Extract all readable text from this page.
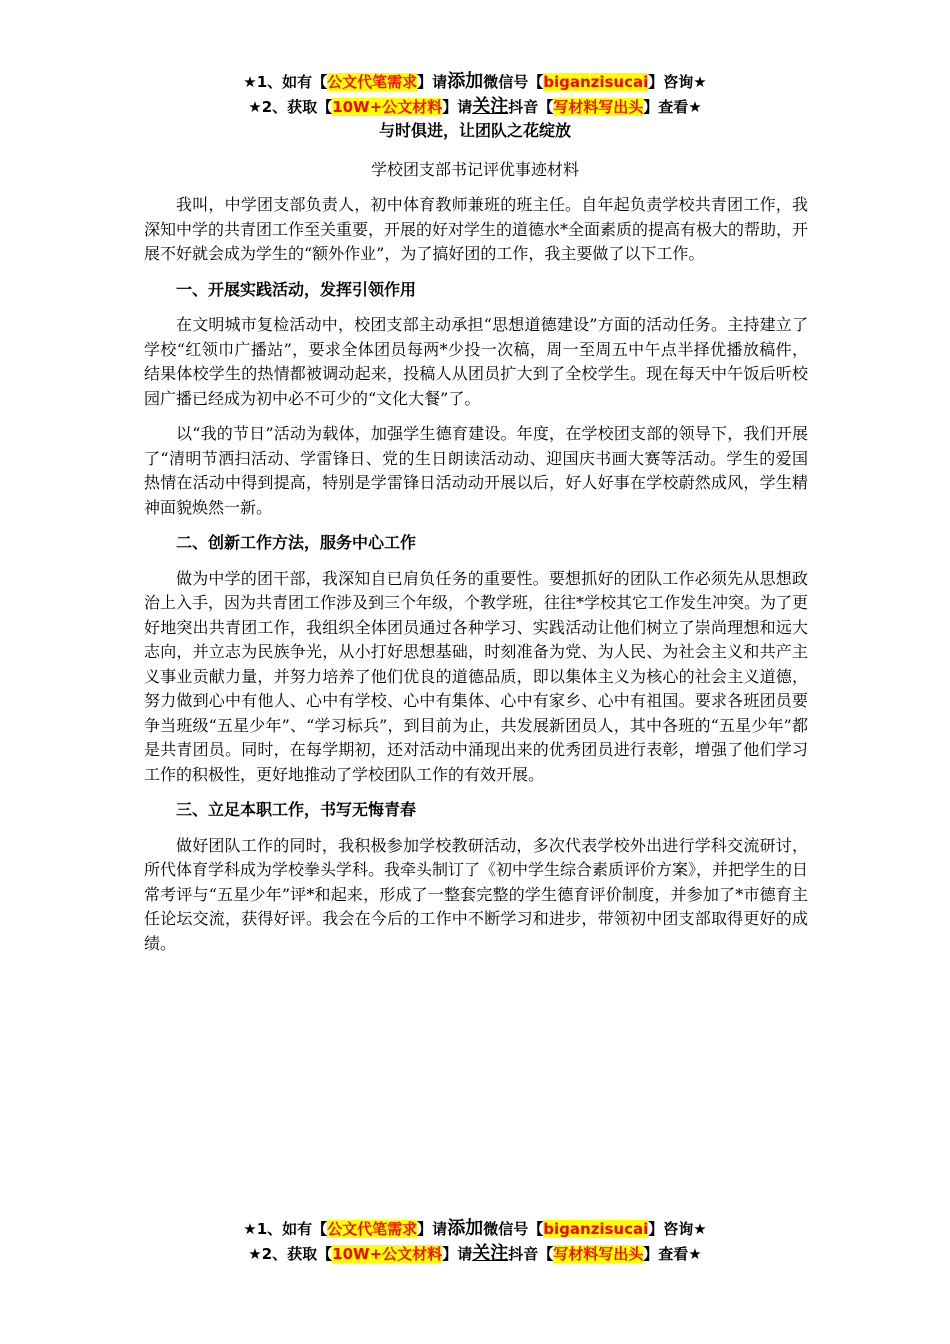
★1、如有【公文代笔需求】请添加微信号【biganzisucai】咨询★
★2、获取【10W+公文材料】请关注抖音【写材料写出头】查看★
与时俱进，让团队之花绽放
学校团支部书记评优事迹材料

我叫，中学团支部负责人，初中体育教师兼班的班主任。自年起负责学校共青团工作，我深知中学的共青团工作至关重要，开展的好对学生的道德水*全面素质的提高有极大的帮助，开展不好就会成为学生的“额外作业”，为了搞好团的工作，我主要做了以下工作。

一、开展实践活动，发挥引领作用

在文明城市复检活动中，校团支部主动承担“思想道德建设”方面的活动任务。主持建立了学校“红领巾广播站”，要求全体团员每两*少投一次稿，周一至周五中午点半择优播放稿件，结果体校学生的热情都被调动起来，投稿人从团员扩大到了全校学生。现在每天中午饭后听校园广播已经成为初中必不可少的“文化大餐”了。

以“我的节日”活动为载体，加强学生德育建设。年度，在学校团支部的领导下，我们开展了“清明节洒扫活动、学雷锋日、党的生日朗读活动动、迎国庆书画大赛等活动。学生的爱国热情在活动中得到提高，特别是学雷锋日活动动开展以后，好人好事在学校蔚然成风，学生精神面貌焕然一新。

二、创新工作方法，服务中心工作

做为中学的团干部，我深知自已肩负任务的重要性。要想抓好的团队工作必须先从思想政治上入手，因为共青团工作涉及到三个年级，个教学班，往往*学校其它工作发生冲突。为了更好地突出共青团工作，我组织全体团员通过各种学习、实践活动让他们树立了崇尚理想和远大志向，并立志为民族争光，从小打好思想基础，时刻准备为党、为人民、为社会主义和共产主义事业贡献力量，并努力培养了他们优良的道德品质，即以集体主义为核心的社会主义道德，努力做到心中有他人、心中有学校、心中有集体、心中有家乡、心中有祖国。要求各班团员要争当班级“五星少年”、“学习标兵”，到目前为止，共发展新团员人，其中各班的“五星少年”都是共青团员。同时，在每学期初，还对活动中涌现出来的优秀团员进行表彰，增强了他们学习工作的积极性，更好地推动了学校团队工作的有效开展。

三、立足本职工作，书写无悔青春

做好团队工作的同时，我积极参加学校教研活动，多次代表学校外出进行学科交流研讨，所代体育学科成为学校拳头学科。我牵头制订了《初中学生综合素质评价方案》，并把学生的日常考评与“五星少年”评*和起来，形成了一整套完整的学生德育评价制度，并参加了*市德育主任论坛交流，获得好评。我会在今后的工作中不断学习和进步，带领初中团支部取得更好的成绩。

★1、如有【公文代笔需求】请添加微信号【biganzisucai】咨询★
★2、获取【10W+公文材料】请关注抖音【写材料写出头】查看★
